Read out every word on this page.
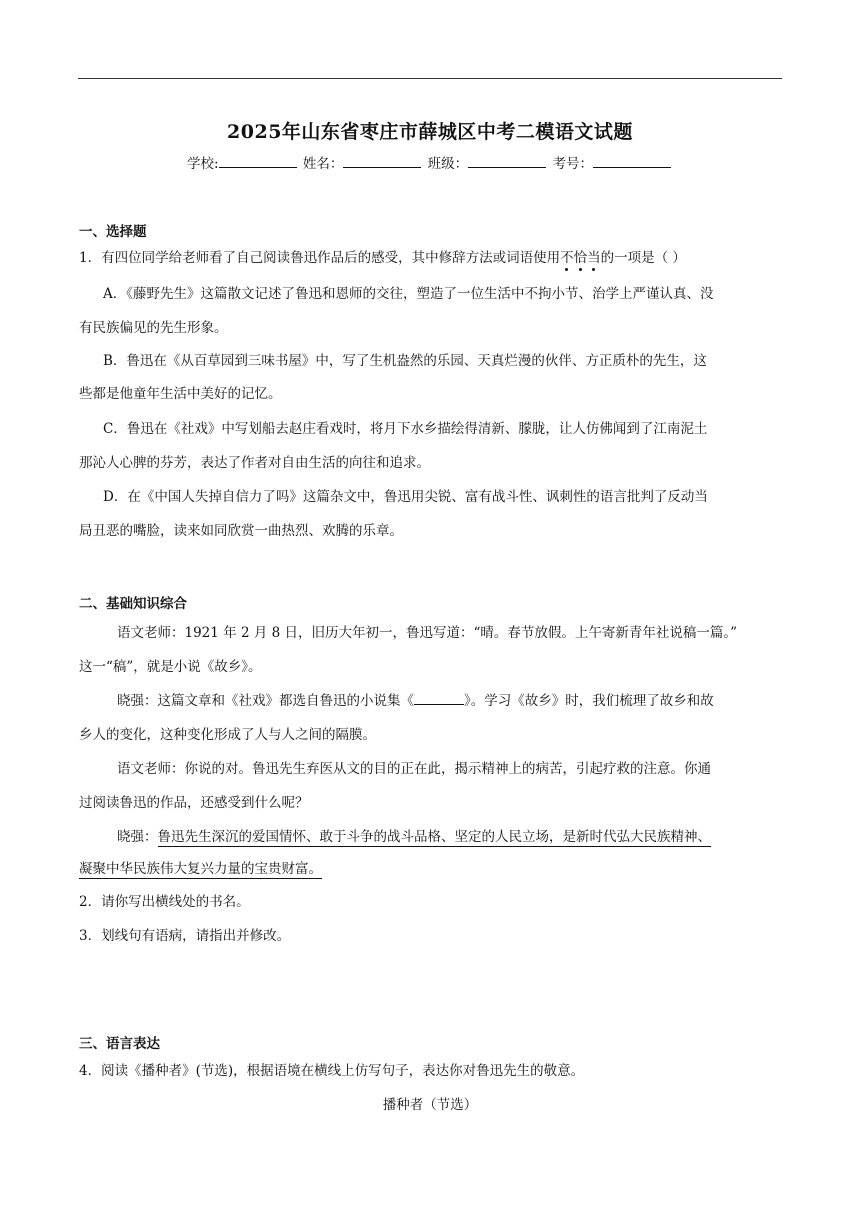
2025年山东省枣庄市薛城区中考二模语文试题
学校:	姓名：	班级：	考号：
一、选择题
1．有四位同学给老师看了自己阅读鲁迅作品后的感受，其中修辞方法或词语使用不恰当的一项是（ ）
A．《藤野先生》这篇散文记述了鲁迅和恩师的交往，塑造了一位生活中不拘小节、治学上严谨认真、没
有民族偏见的先生形象。
B．鲁迅在《从百草园到三味书屋》中，写了生机盎然的乐园、天真烂漫的伙伴、方正质朴的先生，这
些都是他童年生活中美好的记忆。
C．鲁迅在《社戏》中写划船去赵庄看戏时，将月下水乡描绘得清新、朦胧，让人仿佛闻到了江南泥土
那沁人心脾的芬芳，表达了作者对自由生活的向往和追求。
D．在《中国人失掉自信力了吗》这篇杂文中，鲁迅用尖锐、富有战斗性、讽刺性的语言批判了反动当
局丑恶的嘴脸，读来如同欣赏一曲热烈、欢腾的乐章。
二、基础知识综合
语文老师：1921 年 2 月 8 日，旧历大年初一，鲁迅写道：“晴。春节放假。上午寄新青年社说稿一篇。”
这一“稿”，就是小说《故乡》。
晓强：这篇文章和《社戏》都选自鲁迅的小说集《	》。学习《故乡》时，我们梳理了故乡和故
乡人的变化，这种变化形成了人与人之间的隔膜。
语文老师：你说的对。鲁迅先生弃医从文的目的正在此，揭示精神上的病苦，引起疗救的注意。你通
过阅读鲁迅的作品，还感受到什么呢？
晓强：鲁迅先生深沉的爱国情怀、敢于斗争的战斗品格、坚定的人民立场，是新时代弘大民族精神、
凝聚中华民族伟大复兴力量的宝贵财富。
2．请你写出横线处的书名。
3．划线句有语病，请指出并修改。
三、语言表达
4．阅读《播种者》(节选)，根据语境在横线上仿写句子，表达你对鲁迅先生的敬意。
播种者（节选）
